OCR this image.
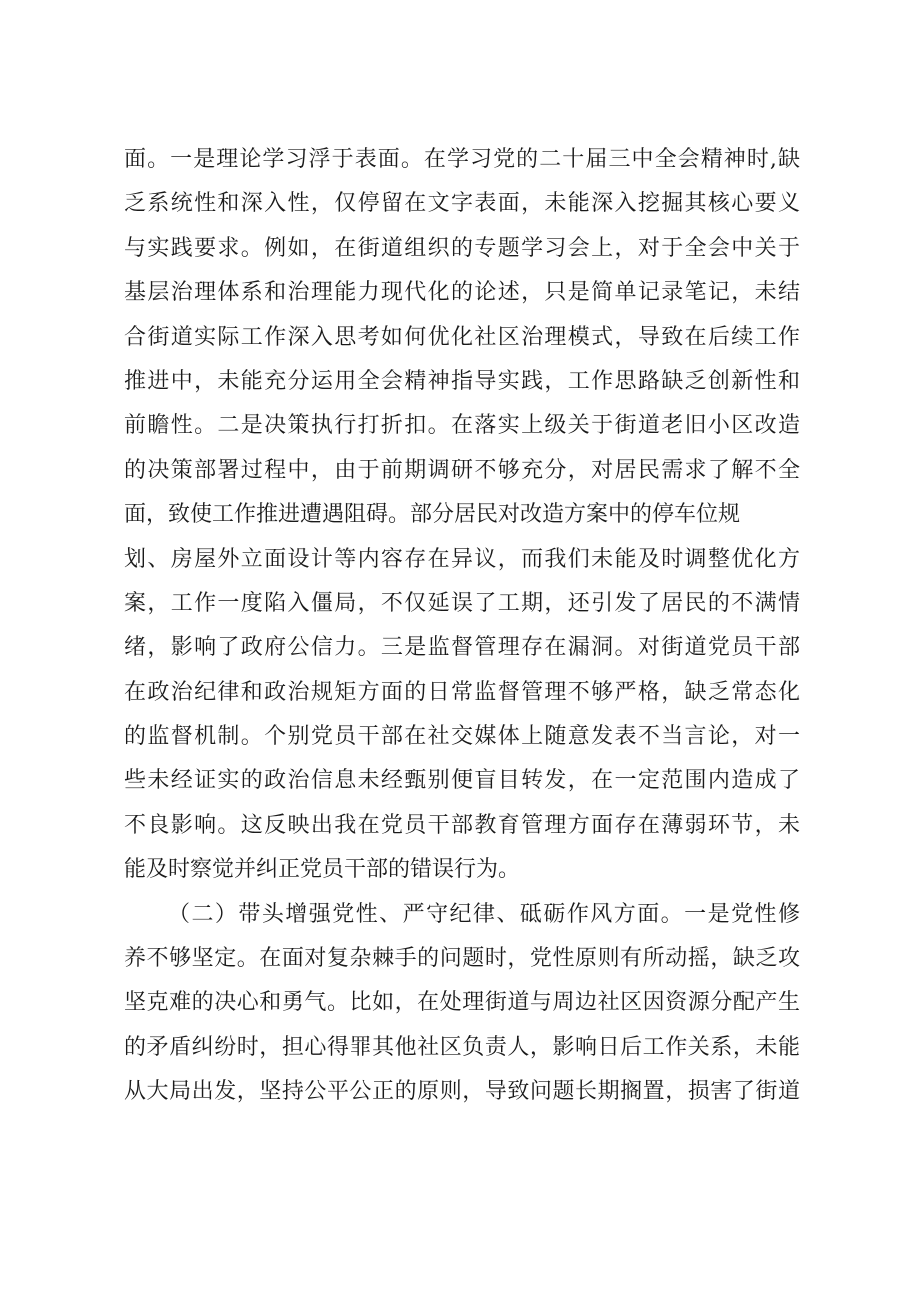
面。一是理论学习浮于表面。在学习党的二十届三中全会精神时,缺
乏系统性和深入性，仅停留在文字表面，未能深入挖掘其核心要义
与实践要求。例如，在街道组织的专题学习会上，对于全会中关于
基层治理体系和治理能力现代化的论述，只是简单记录笔记，未结
合街道实际工作深入思考如何优化社区治理模式，导致在后续工作
推进中，未能充分运用全会精神指导实践，工作思路缺乏创新性和
前瞻性。二是决策执行打折扣。在落实上级关于街道老旧小区改造
的决策部署过程中，由于前期调研不够充分，对居民需求了解不全
面，致使工作推进遭遇阻碍。部分居民对改造方案中的停车位规
划、房屋外立面设计等内容存在异议，而我们未能及时调整优化方
案，工作一度陷入僵局，不仅延误了工期，还引发了居民的不满情
绪，影响了政府公信力。三是监督管理存在漏洞。对街道党员干部
在政治纪律和政治规矩方面的日常监督管理不够严格，缺乏常态化
的监督机制。个别党员干部在社交媒体上随意发表不当言论，对一
些未经证实的政治信息未经甄别便盲目转发，在一定范围内造成了
不良影响。这反映出我在党员干部教育管理方面存在薄弱环节，未
能及时察觉并纠正党员干部的错误行为。
（二）带头增强党性、严守纪律、砥砺作风方面。一是党性修
养不够坚定。在面对复杂棘手的问题时，党性原则有所动摇，缺乏攻
坚克难的决心和勇气。比如，在处理街道与周边社区因资源分配产生
的矛盾纠纷时，担心得罪其他社区负责人，影响日后工作关系，未能
从大局出发，坚持公平公正的原则，导致问题长期搁置，损害了街道
